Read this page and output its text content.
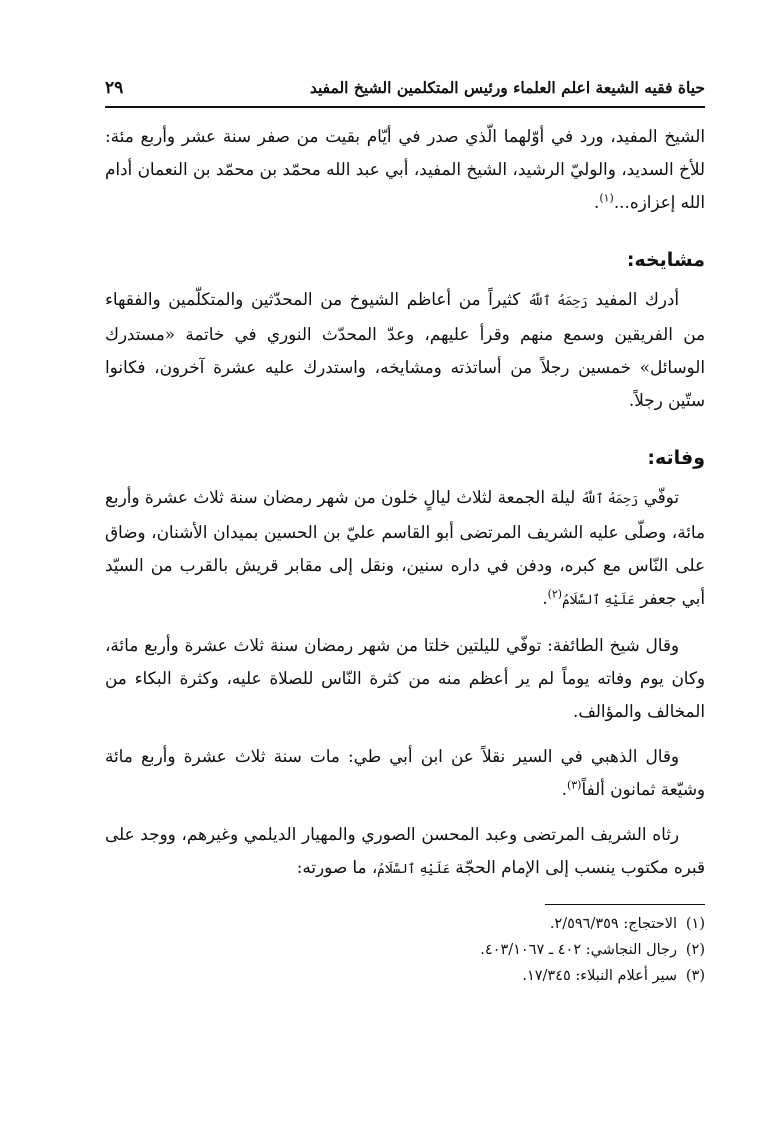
حياة فقيه الشيعة اعلم العلماء ورئيس المتكلمين الشيخ المفيد
٢٩

الشيخ المفيد، ورد في أوّلهما الّذي صدر في أيّام بقيت من صفر سنة عشر وأربع مئة: للأخ السديد، والوليّ الرشيد، الشيخ المفيد، أبي عبد الله محمّد بن محمّد بن النعمان أدام الله إعزازه...$^{(١)}$.

مشايخه:

أدرك المفيد رَحِمَهُ ٱللَّهُ كثيراً من أعاظم الشيوخ من المحدّثين والمتكلّمين والفقهاء من الفريقين وسمع منهم وقرأ عليهم، وعدّ المحدّث النوري في خاتمة «مستدرك الوسائل» خمسين رجلاً من أساتذته ومشايخه، واستدرك عليه عشرة آخرون، فكانوا ستّين رجلاً.

وفاته:

توفّي رَحِمَهُ ٱللَّهُ ليلة الجمعة لثلاث ليالٍ خلون من شهر رمضان سنة ثلاث عشرة وأربع مائة، وصلّى عليه الشريف المرتضى أبو القاسم عليّ بن الحسين بميدان الأشنان، وضاق على النّاس مع كبره، ودفن في داره سنين، ونقل إلى مقابر قريش بالقرب من السيّد أبي جعفر عَلَيْهِ ٱلسَّلَامُ$^{(٢)}$.

وقال شيخ الطائفة: توفّي لليلتين خلتا من شهر رمضان سنة ثلاث عشرة وأربع مائة، وكان يوم وفاته يوماً لم ير أعظم منه من كثرة النّاس للصلاة عليه، وكثرة البكاء من المخالف والمؤالف.

وقال الذهبي في السير نقلاً عن ابن أبي طي: مات سنة ثلاث عشرة وأربع مائة وشيّعة ثمانون ألفاً$^{(٣)}$.

رثاه الشريف المرتضى وعبد المحسن الصوري والمهيار الديلمي وغيرهم، ووجد على قبره مكتوب ينسب إلى الإمام الحجّة عَلَيْهِ ٱلسَّلَامُ، ما صورته:

(١)الاحتجاج: ٢/٥٩٦/٣٥٩.

(٢)رجال النجاشي: ٤٠٢ ـ ٤٠٣/١٠٦٧.

(٣)سير أعلام النبلاء: ١٧/٣٤٥.
